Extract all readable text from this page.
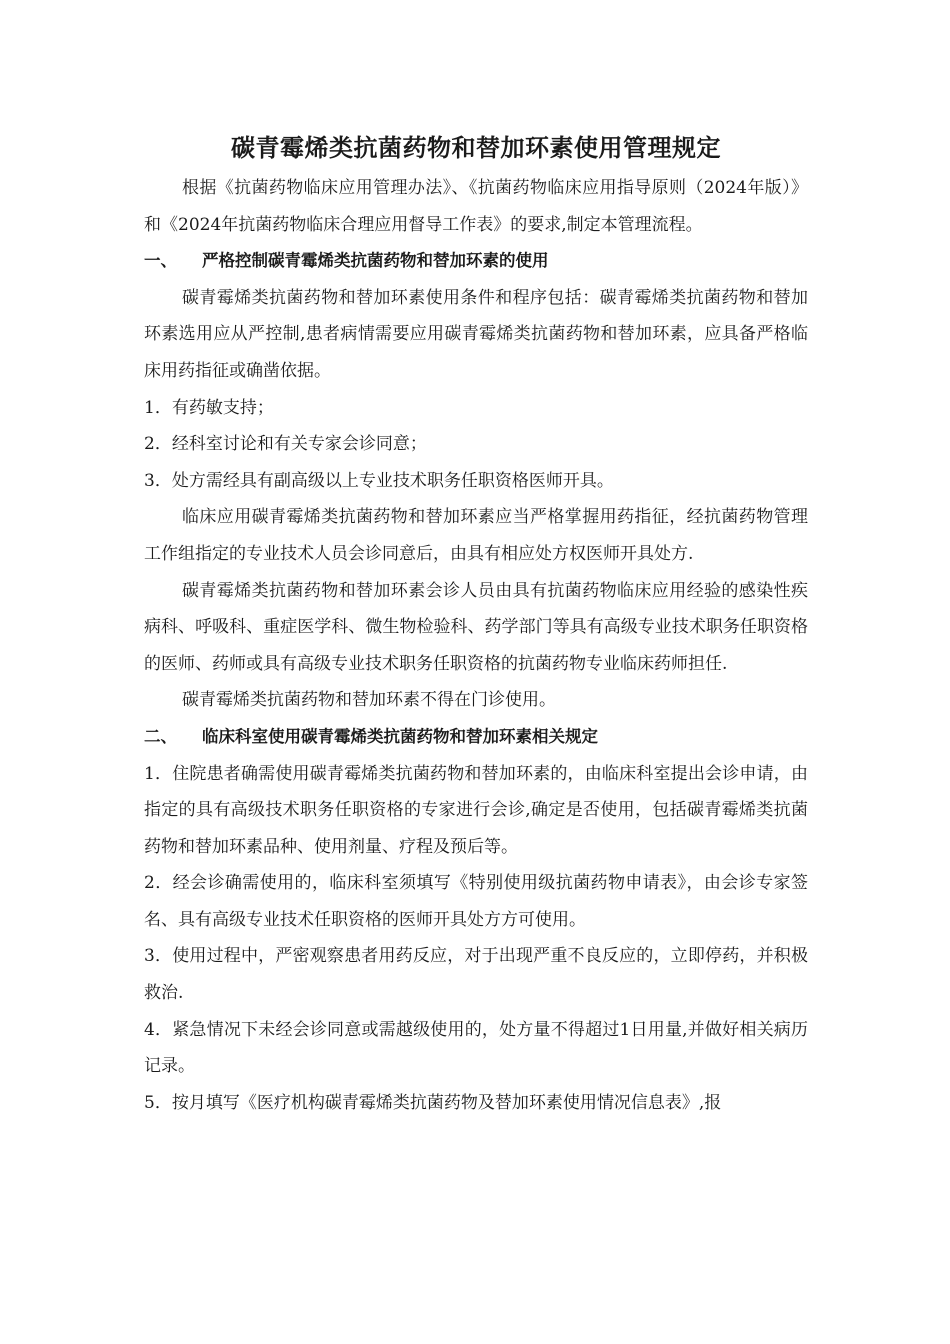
碳青霉烯类抗菌药物和替加环素使用管理规定

根据《抗菌药物临床应用管理办法》、《抗菌药物临床应用指导原则（2024年版）》和《2024年抗菌药物临床合理应用督导工作表》的要求,制定本管理流程。

一、 严格控制碳青霉烯类抗菌药物和替加环素的使用

碳青霉烯类抗菌药物和替加环素使用条件和程序包括：碳青霉烯类抗菌药物和替加环素选用应从严控制,患者病情需要应用碳青霉烯类抗菌药物和替加环素，应具备严格临床用药指征或确凿依据。

1．有药敏支持；

2．经科室讨论和有关专家会诊同意；

3．处方需经具有副高级以上专业技术职务任职资格医师开具。

临床应用碳青霉烯类抗菌药物和替加环素应当严格掌握用药指征，经抗菌药物管理工作组指定的专业技术人员会诊同意后，由具有相应处方权医师开具处方.

碳青霉烯类抗菌药物和替加环素会诊人员由具有抗菌药物临床应用经验的感染性疾病科、呼吸科、重症医学科、微生物检验科、药学部门等具有高级专业技术职务任职资格的医师、药师或具有高级专业技术职务任职资格的抗菌药物专业临床药师担任.

碳青霉烯类抗菌药物和替加环素不得在门诊使用。

二、 临床科室使用碳青霉烯类抗菌药物和替加环素相关规定

1．住院患者确需使用碳青霉烯类抗菌药物和替加环素的，由临床科室提出会诊申请，由指定的具有高级技术职务任职资格的专家进行会诊,确定是否使用，包括碳青霉烯类抗菌药物和替加环素品种、使用剂量、疗程及预后等。

2．经会诊确需使用的，临床科室须填写《特别使用级抗菌药物申请表》，由会诊专家签名、具有高级专业技术任职资格的医师开具处方方可使用。

3．使用过程中，严密观察患者用药反应，对于出现严重不良反应的，立即停药，并积极救治.

4．紧急情况下未经会诊同意或需越级使用的，处方量不得超过1日用量,并做好相关病历记录。

5．按月填写《医疗机构碳青霉烯类抗菌药物及替加环素使用情况信息表》,报
